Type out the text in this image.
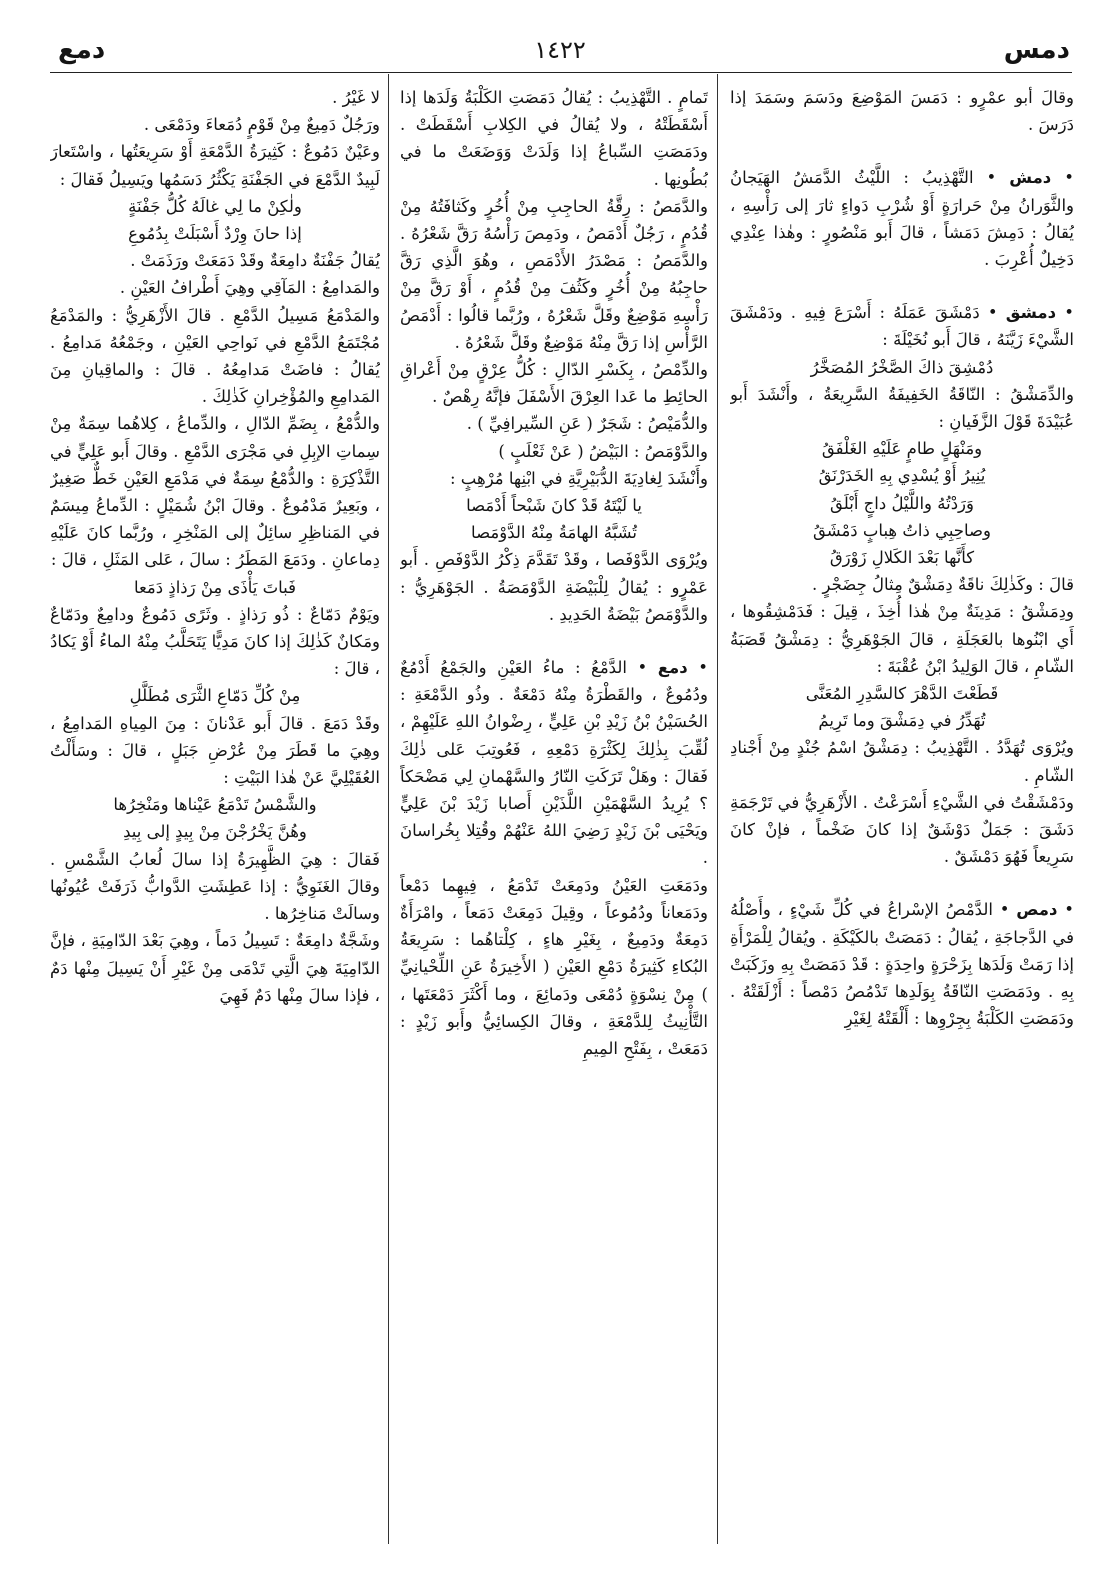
١٤٢٢	دمس
دمع

وقالَ أبو عمْرٍو : دَمَسَ المَوْضِعَ ودَسَمَ وسَمَدَ إذا دَرَسَ .

• دمش • التَّهْذِيبُ : اللَّيْثُ الدَّمَشُ الهَيَجانُ والثَّوَرانُ مِنْ حَرارَةٍ أَوْ شُرْبِ دَواءٍ ثارَ إلى رَأْسِهِ ، يُقالُ : دَمِشَ دَمَشاً ، قالَ أَبو مَنْصُورٍ : وهٰذا عِنْدِي دَخِيلٌ أُعْرِبَ .

• دمشق • دَمْشَقَ عَمَلَهُ : أَسْرَعَ فِيهِ . ودَمْشَقَ الشَّيْءَ زَيَّنَهُ ، قالَ أَبو نُخَيْلَةَ :

دُمْشِقَ ذاكَ الصَّخْرُ المُصَخَّرُ

والدِّمَشْقُ : النّاقَةُ الخَفِيفَةُ السَّرِيعَةُ ، وأَنْشَدَ أَبو عُبَيْدَةَ قَوْلَ الزَّفَيانِ :

ومَنْهَلٍ طامٍ عَلَيْهِ الغَلْفَقُ

يُنِيرُ أَوْ يُسْدِي بِهِ الخَدَرْنَقُ

وَرَدْتُهُ واللَّيْلُ داجٍ أَبْلَقُ

وصاحِبِي ذاتُ هِبابٍ دَمْشَقُ

كأَنَّها بَعْدَ الكَلالِ زَوْرَقُ

قالَ : وكَذٰلِكَ ناقَةٌ دِمَشْقٌ مِثالُ جِضَجْرٍ .

ودِمَشْقُ : مَدِينَةٌ مِنْ هٰذا أُخِذَ ، قِيلَ : فَدَمْشِقُوها ، أَي ابْنُوها بالعَجَلَةِ ، قالَ الجَوْهَرِيُّ : دِمَشْقُ قَصَبَةُ الشّامِ ، قالَ الوَلِيدُ ابْنُ عُقْبَةَ :

قَطَعْتَ الدَّهْرَ كالسَّدِرِ المُعَنَّى

تُهَدِّرُ في دِمَشْقَ وما تَرِيمُ

ويُرْوَى تُهَدَّدُ . التَّهْذِيبُ : دِمَشْقُ اسْمُ جُنْدٍ مِنْ أَجْنادِ الشّامِ .

ودَمْشَقْتُ في الشَّيْءِ أَسْرَعْتُ . الأَزْهَرِيُّ في تَرْجَمَةِ دَشَقَ : جَمَلٌ دَوْشَقٌ إذا كانَ ضَخْماً ، فإنْ كانَ سَرِيعاً فَهُوَ دَمْشَقٌ .

• دمص • الدَّمْصُ الإسْراعُ في كُلِّ شَيْءٍ ، وأَصْلُهُ في الدَّجاجَةِ ، يُقالُ : دَمَصَتْ بالكَيْكَةِ . ويُقالُ لِلْمَرْأَةِ إذا رَمَتْ وَلَدَها بِزَحْرَةٍ واحِدَةٍ : قَدْ دَمَصَتْ بِهِ وزَكَبَتْ بِهِ . ودَمَصَتِ النّاقَةُ بِوَلَدِها تَدْمُصُ دَمْصاً : أَزْلَقَتْهُ . ودَمَصَتِ الكَلْبَةُ بِجِرْوِها : أَلْقَتْهُ لِغَيْرِ

تَمامٍ . التَّهْذِيبُ : يُقالُ دَمَصَتِ الكَلْبَةُ وَلَدَها إذا أَسْقَطَتْهُ ، ولا يُقالُ في الكِلابِ أَسْقَطَتْ . ودَمَصَتِ السِّباعُ إذا وَلَدَتْ وَوَضَعَتْ ما في بُطُونِها .

والدَّمَصُ : رِقَّةُ الحاجِبِ مِنْ أُخُرٍ وكَثافَتُهُ مِنْ قُدُمٍ ، رَجُلٌ أَدْمَصُ ، ودَمِصَ رَأْسُهُ رَقَّ شَعْرُهُ . والدَّمَصُ : مَصْدَرُ الأَدْمَصِ ، وهُوَ الَّذِي رَقَّ حاجِبُهُ مِنْ أُخُرٍ وكَثُفَ مِنْ قُدُمٍ ، أَوْ رَقَّ مِنْ رَأْسِهِ مَوْضِعٌ وقَلَّ شَعْرُهُ ، ورُبَّما قالُوا : أَدْمَصُ الرَّأْسِ إذا رَقَّ مِنْهُ مَوْضِعٌ وقَلَّ شَعْرُهُ .

والدِّمْصُ ، بِكَسْرِ الدّالِ : كُلُّ عِرْقٍ مِنْ أَعْراقِ الحائِطِ ما عَدا العِرْقَ الأَسْفَلَ فإنَّهُ رِهْصٌ .

والدُّمَيْصُ : شَجَرٌ ( عَنِ السِّيرافِيِّ ) .

والدَّوْمَصُ : البَيْضُ ( عَنْ ثَعْلَبٍ )

وأَنْشَدَ لِغادِيَةَ الدُّبَيْرِيَّةِ في ابْنِها مُرْهِبٍ :

يا لَيْتَهُ قَدْ كانَ شَبْحاً أَدْمَصا

تُشَبَّهُ الهامَةُ مِنْهُ الدَّوْمَصا

ويُرْوَى الدَّوْفَصا ، وقَدْ تَقَدَّمَ ذِكْرُ الدَّوْفَصِ . أَبو عَمْرٍو : يُقالُ لِلْبَيْضَةِ الدَّوْمَصَةُ . الجَوْهَرِيُّ : والدَّوْمَصُ بَيْضَةُ الحَدِيدِ .

• دمع • الدَّمْعُ : ماءُ العَيْنِ والجَمْعُ أَدْمُعٌ ودُمُوعٌ ، والقَطْرَةُ مِنْهُ دَمْعَةٌ . وذُو الدَّمْعَةِ : الحُسَيْنُ بْنُ زَيْدِ بْنِ عَلِيٍّ ، رِضْوانُ اللهِ عَلَيْهِمْ ، لُقِّبَ بِذٰلِكَ لِكَثْرَةِ دَمْعِهِ ، فَعُوتِبَ عَلى ذٰلِكَ فَقالَ : وهَلْ تَرَكَتِ النّارُ والسَّهْمانِ لِي مَضْحَكاً ؟ يُرِيدُ السَّهْمَيْنِ اللَّذَيْنِ أَصابا زَيْدَ بْنَ عَلِيٍّ ويَحْيَى بْنَ زَيْدٍ رَضِيَ اللهُ عَنْهُمْ وقُتِلا بِخُراسانَ .

ودَمَعَتِ العَيْنُ ودَمِعَتْ تَدْمَعُ ، فِيهِما دَمْعاً ودَمَعاناً ودُمُوعاً ، وقِيلَ دَمِعَتْ دَمَعاً ، وامْرَأَةٌ دَمِعَةٌ ودَمِيعٌ ، بِغَيْرِ هاءٍ ، كِلْتاهُما : سَرِيعَةُ البُكاءِ كَثِيرَةُ دَمْعِ العَيْنِ ( الأَخِيرَةُ عَنِ اللِّحْيانِيِّ ) مِنْ نِسْوَةٍ دُمْعَى ودَمائِعَ ، وما أَكْثَرَ دَمْعَتَها ، التَّأْنِيثُ لِلدَّمْعَةِ ، وقالَ الكِسائِيُّ وأَبو زَيْدٍ : دَمَعَتْ ، بِفَتْحِ المِيمِ

لا غَيْرُ .

ورَجُلٌ دَمِيعٌ مِنْ قَوْمٍ دُمَعاءَ ودَمْعَى .

وعَيْنٌ دَمُوعٌ : كَثِيرَةُ الدَّمْعَةِ أَوْ سَرِيعَتُها ، واسْتَعارَ لَبِيدٌ الدَّمْعَ في الجَفْنَةِ يَكْثُرُ دَسَمُها ويَسِيلُ فَقالَ :

ولٰكِنْ ما لِي غالَهُ كُلُّ جَفْنَةٍ

إذا حانَ وِرْدٌ أَسْبَلَتْ بِدُمُوعِ

يُقالُ جَفْنَةٌ دامِعَةٌ وقَدْ دَمَعَتْ ورَذَمَتْ .

والمَدامِعُ : المَآقِي وهِيَ أَطْرافُ العَيْنِ .

والمَدْمَعُ مَسِيلُ الدَّمْعِ . قالَ الأَزْهَرِيُّ : والمَدْمَعُ مُجْتَمَعُ الدَّمْعِ في نَواحِي العَيْنِ ، وجَمْعُهُ مَدامِعُ . يُقالُ : فاضَتْ مَدامِعُهُ . قالَ : والماقِيانِ مِنَ المَدامِعِ والمُؤْخِرانِ كَذٰلِكَ .

والدُّمْعُ ، بِضَمِّ الدّالِ ، والدِّماعُ ، كِلاهُما سِمَةٌ مِنْ سِماتِ الإبِلِ في مَجْرَى الدَّمْعِ . وقالَ أَبو عَلِيٍّ في التَّذْكِرَةِ : والدُّمْعُ سِمَةٌ في مَدْمَعِ العَيْنِ خَطٌّ صَغِيرٌ ، وبَعِيرٌ مَدْمُوعٌ . وقالَ ابْنُ شُمَيْلٍ : الدِّماعُ مِيسَمٌ في المَناظِرِ سائِلٌ إلى المَنْخِرِ ، ورُبَّما كانَ عَلَيْهِ دِماعانِ . ودَمَعَ المَطَرُ : سالَ ، عَلى المَثَلِ ، قالَ :

فَباتَ يَأْذَى مِنْ رَذاذٍ دَمَعا

ويَوْمٌ دَمّاعٌ : ذُو رَذاذٍ . وثَرًى دَمُوعٌ ودامِعٌ ودَمّاعٌ ومَكانٌ كَذٰلِكَ إذا كانَ مَدِيًّا يَتَحَلَّبُ مِنْهُ الماءُ أَوْ يَكادُ ، قالَ :

مِنْ كُلِّ دَمّاعِ الثَّرَى مُطَلَّلِ

وقَدْ دَمَعَ . قالَ أَبو عَدْنانَ : مِنَ المِياهِ المَدامِعُ ، وهِيَ ما قَطَرَ مِنْ عُرْضِ جَبَلٍ ، قالَ : وسَأَلْتُ العُقَيْلِيَّ عَنْ هٰذا البَيْتِ :

والشَّمْسُ تَدْمَعُ عَيْناها ومَنْخِرُها

وهُنَّ يَخْرُجْنَ مِنْ بِيدٍ إلى بِيدِ

فَقالَ : هِيَ الظَّهِيرَةُ إذا سالَ لُعابُ الشَّمْسِ . وقالَ الغَنَوِيُّ : إذا عَطِشَتِ الدَّوابُّ ذَرَفَتْ عُيُونُها وسالَتْ مَناخِرُها .

وشَجَّةٌ دامِعَةٌ : تَسِيلُ دَماً ، وهِيَ بَعْدَ الدّامِيَةِ ، فإنَّ الدّامِيَةَ هِيَ الَّتِي تَدْمَى مِنْ غَيْرِ أَنْ يَسِيلَ مِنْها دَمٌ ، فإذا سالَ مِنْها دَمٌ فَهِيَ
